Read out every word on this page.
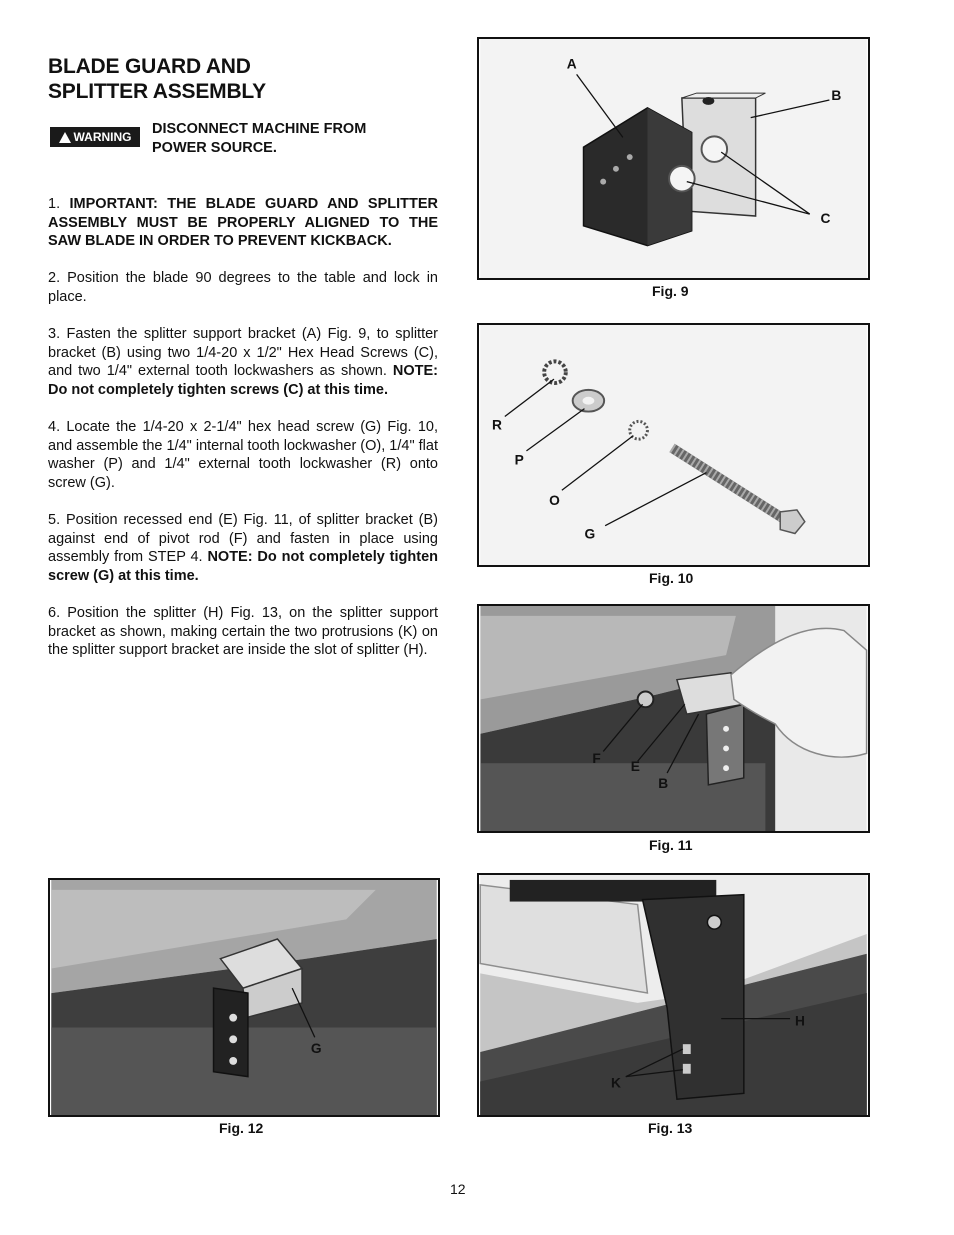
BLADE GUARD AND
SPLITTER ASSEMBLY
WARNING DISCONNECT MACHINE FROM POWER SOURCE.

1. IMPORTANT: THE BLADE GUARD AND SPLITTER ASSEMBLY MUST BE PROPERLY ALIGNED TO THE SAW BLADE IN ORDER TO PREVENT KICKBACK.

2. Position the blade 90 degrees to the table and lock in place.

3. Fasten the splitter support bracket (A) Fig. 9, to splitter bracket (B) using two 1/4-20 x 1/2" Hex Head Screws (C), and two 1/4" external tooth lockwashers as shown. NOTE: Do not completely tighten screws (C) at this time.

4. Locate the 1/4-20 x 2-1/4" hex head screw (G) Fig. 10, and assemble the 1/4" internal tooth lockwasher (O), 1/4" flat washer (P) and 1/4" external tooth lockwasher (R) onto screw (G).

5. Position recessed end (E) Fig. 11, of splitter bracket (B) against end of pivot rod (F) and fasten in place using assembly from STEP 4. NOTE: Do not completely tighten screw (G) at this time.

6. Position the splitter (H) Fig. 13, on the splitter support bracket as shown, making certain the two protrusions (K) on the splitter support bracket are inside the slot of splitter (H).

A
B
C
Fig. 9
R
P
O
G
Fig. 10
F
E
B
Fig. 11
G
Fig. 12
H
K
Fig. 13
12
